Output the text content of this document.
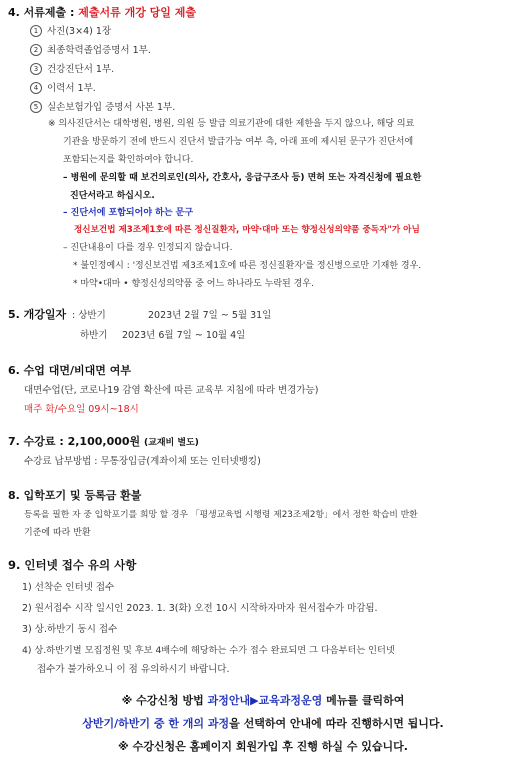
4. 서류제출 : 제출서류 개강 당일 제출
1 사진(3×4) 1장
2 최종학력졸업증명서 1부.
3 건강진단서 1부.
4 이력서 1부.
5 실손보험가입 증명서 사본 1부.
※ 의사진단서는 대학병원, 병원, 의원 등 발급 의료기관에 대한 제한을 두지 않으나, 해당 의료
기관을 방문하기 전에 반드시 진단서 발급가능 여부 측, 아래 표에 제시된 문구가 진단서에
포함되는지를 확인하여야 합니다.
– 병원에 문의할 때 보건의로인(의사, 간호사, 응급구조사 등) 면허 또는 자격신청에 필요한
진단서라고 하십시오.
– 진단서에 포함되어야 하는 문구
정신보건법 제3조제1호에 따른 정신질환자, 마약·대마 또는 향정신성의약품 중독자"가 아님
– 진단내용이 다를 경우 인정되지 않습니다.
* 불인정예시 : '정신보건법 제3조제1호에 따른 정신질환자'를 정신병으로만 기재한 경우.
* 마약•대마 • 향정신성의약품 중 어느 하나라도 누락된 경우.
5. 개강일자 : 상반기	2023년 2월 7일 ~ 5월 31일
하반기 2023년 6월 7일 ~ 10월 4일
6. 수업 대면/비대면 여부
대면수업(단, 코로나19 감염 확산에 따른 교육부 지침에 따라 변경가능)
매주 화/수요일 09시~18시
7. 수강료 : 2,100,000원 (교재비 별도)
수강료 납부방법 : 무통장입금(계좌이체 또는 인터넷뱅킹)
8. 입학포기 및 등록금 환불
등록을 필한 자 중 입학포기를 희망 할 경우 「평생교육법 시행령 제23조제2항」에서 정한 학습비 반환
기준에 따라 반환
9. 인터넷 접수 유의 사항
1) 선착순 인터넷 접수
2) 원서접수 시작 일시인 2023. 1. 3(화) 오전 10시 시작하자마자 원서접수가 마감됨.
3) 상.하반기 동시 접수
4) 상.하반기별 모집정원 및 후보 4배수에 해당하는 수가 접수 완료되면 그 다음부터는 인터넷
접수가 불가하오니 이 점 유의하시기 바랍니다.
※ 수강신청 방법 과정안내▶교육과정운영 메뉴를 클릭하여
상반기/하반기 중 한 개의 과정을 선택하여 안내에 따라 진행하시면 됩니다.
※ 수강신청은 홈페이지 회원가입 후 진행 하실 수 있습니다.
